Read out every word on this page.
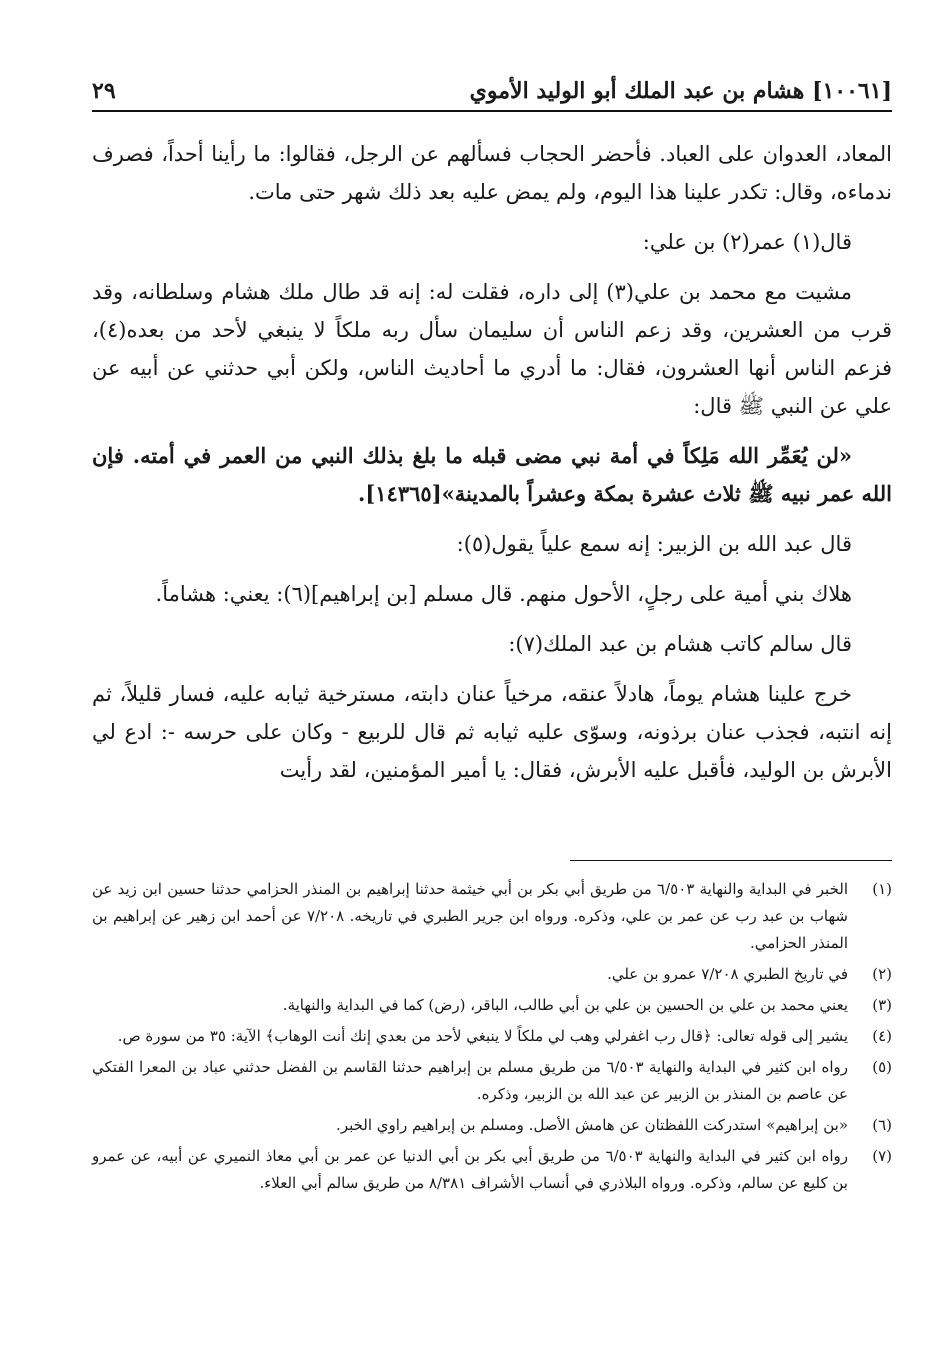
[١٠٠٦١] هشام بن عبد الملك أبو الوليد الأموي
٢٩

المعاد، العدوان على العباد. فأحضر الحجاب فسألهم عن الرجل، فقالوا: ما رأينا أحداً، فصرف ندماءه، وقال: تكدر علينا هذا اليوم، ولم يمض عليه بعد ذلك شهر حتى مات.

قال(١) عمر(٢) بن علي:

مشيت مع محمد بن علي(٣) إلى داره، فقلت له: إنه قد طال ملك هشام وسلطانه، وقد قرب من العشرين، وقد زعم الناس أن سليمان سأل ربه ملكاً لا ينبغي لأحد من بعده(٤)، فزعم الناس أنها العشرون، فقال: ما أدري ما أحاديث الناس، ولكن أبي حدثني عن أبيه عن علي عن النبي ﷺ قال:

«لن يُعَمِّر الله مَلِكاً في أمة نبي مضى قبله ما بلغ بذلك النبي من العمر في أمته. فإن الله عمر نبيه ﷺ ثلاث عشرة بمكة وعشراً بالمدينة»[١٤٣٦٥].

قال عبد الله بن الزبير: إنه سمع علياً يقول(٥):

هلاك بني أمية على رجلٍ، الأحول منهم. قال مسلم [بن إبراهيم](٦): يعني: هشاماً.

قال سالم كاتب هشام بن عبد الملك(٧):

خرج علينا هشام يوماً، هادلاً عنقه، مرخياً عنان دابته، مسترخية ثيابه عليه، فسار قليلاً، ثم إنه انتبه، فجذب عنان برذونه، وسوّى عليه ثيابه ثم قال للربيع - وكان على حرسه -: ادع لي الأبرش بن الوليد، فأقبل عليه الأبرش، فقال: يا أمير المؤمنين، لقد رأيت

(١)
الخبر في البداية والنهاية ٦/٥٠٣ من طريق أبي بكر بن أبي خيثمة حدثنا إبراهيم بن المنذر الحزامي حدثنا حسين ابن زيد عن شهاب بن عبد رب عن عمر بن علي، وذكره. ورواه ابن جرير الطبري في تاريخه. ٧/٢٠٨ عن أحمد ابن زهير عن إبراهيم بن المنذر الحزامي.
(٢)
في تاريخ الطبري ٧/٢٠٨ عمرو بن علي.
(٣)
يعني محمد بن علي بن الحسين بن علي بن أبي طالب، الباقر، (رض) كما في البداية والنهاية.
(٤)
يشير إلى قوله تعالى: ﴿قال رب اغفرلي وهب لي ملكاً لا ينبغي لأحد من بعدي إنك أنت الوهاب﴾ الآية: ٣٥ من سورة ص.
(٥)
رواه ابن كثير في البداية والنهاية ٦/٥٠٣ من طريق مسلم بن إبراهيم حدثنا القاسم بن الفضل حدثني عباد بن المعرا الفتكي عن عاصم بن المنذر بن الزبير عن عبد الله بن الزبير، وذكره.
(٦)
«بن إبراهيم» استدركت اللفظتان عن هامش الأصل. ومسلم بن إبراهيم راوي الخبر.
(٧)
رواه ابن كثير في البداية والنهاية ٦/٥٠٣ من طريق أبي بكر بن أبي الدنيا عن عمر بن أبي معاذ النميري عن أبيه، عن عمرو بن كليع عن سالم، وذكره. ورواه البلاذري في أنساب الأشراف ٨/٣٨١ من طريق سالم أبي العلاء.
